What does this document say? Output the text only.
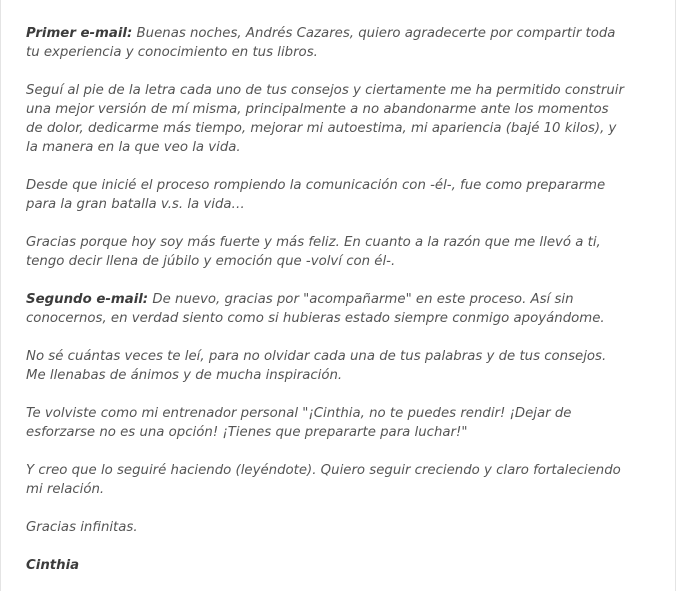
Primer e-mail: Buenas noches, Andrés Cazares, quiero agradecerte por compartir toda tu experiencia y conocimiento en tus libros.

Seguí al pie de la letra cada uno de tus consejos y ciertamente me ha permitido construir una mejor versión de mí misma, principalmente a no abandonarme ante los momentos de dolor, dedicarme más tiempo, mejorar mi autoestima, mi apariencia (bajé 10 kilos), y la manera en la que veo la vida.

Desde que inicié el proceso rompiendo la comunicación con -él-, fue como prepararme para la gran batalla v.s. la vida…

Gracias porque hoy soy más fuerte y más feliz. En cuanto a la razón que me llevó a ti, tengo decir llena de júbilo y emoción que -volví con él-.

Segundo e-mail: De nuevo, gracias por "acompañarme" en este proceso. Así sin conocernos, en verdad siento como si hubieras estado siempre conmigo apoyándome.

No sé cuántas veces te leí, para no olvidar cada una de tus palabras y de tus consejos. Me llenabas de ánimos y de mucha inspiración.

Te volviste como mi entrenador personal "¡Cinthia, no te puedes rendir! ¡Dejar de esforzarse no es una opción! ¡Tienes que prepararte para luchar!"

Y creo que lo seguiré haciendo (leyéndote). Quiero seguir creciendo y claro fortaleciendo mi relación.

Gracias infinitas.

Cinthia
